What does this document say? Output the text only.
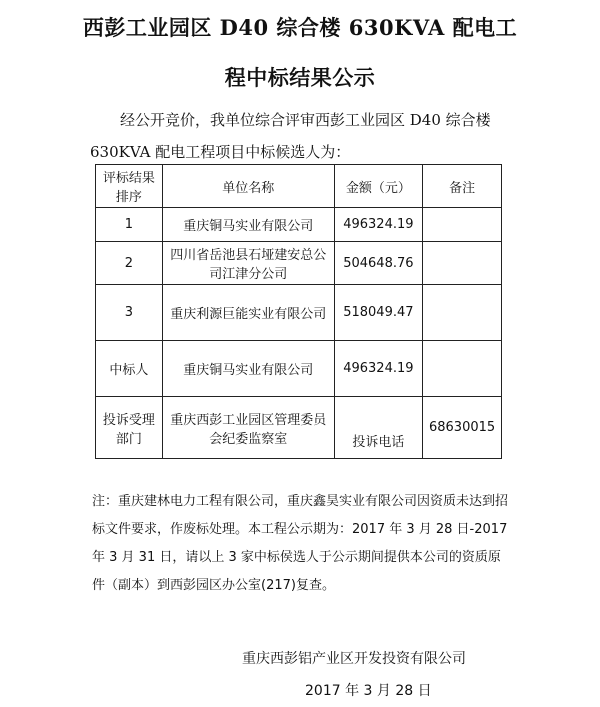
西彭工业园区 D40 综合楼 630KVA 配电工
程中标结果公示
经公开竞价，我单位综合评审西彭工业园区 D40 综合楼
630KVA 配电工程项目中标候选人为：
评标结果排序	单位名称	金额（元）	备注
1	重庆铜马实业有限公司	496324.19	
2	四川省岳池县石垭建安总公司江津分公司	504648.76	
3	重庆利源巨能实业有限公司	518049.47	
中标人	重庆铜马实业有限公司	496324.19	
投诉受理部门	重庆西彭工业园区管理委员会纪委监察室	投诉电话	68630015
注：重庆建林电力工程有限公司，重庆鑫昊实业有限公司因资质未达到招标文件要求，作废标处理。本工程公示期为：2017 年 3 月 28 日-2017 年 3 月 31 日，请以上 3 家中标侯选人于公示期间提供本公司的资质原件（副本）到西彭园区办公室(217)复查。
重庆西彭铝产业区开发投资有限公司
2017 年 3 月 28 日
